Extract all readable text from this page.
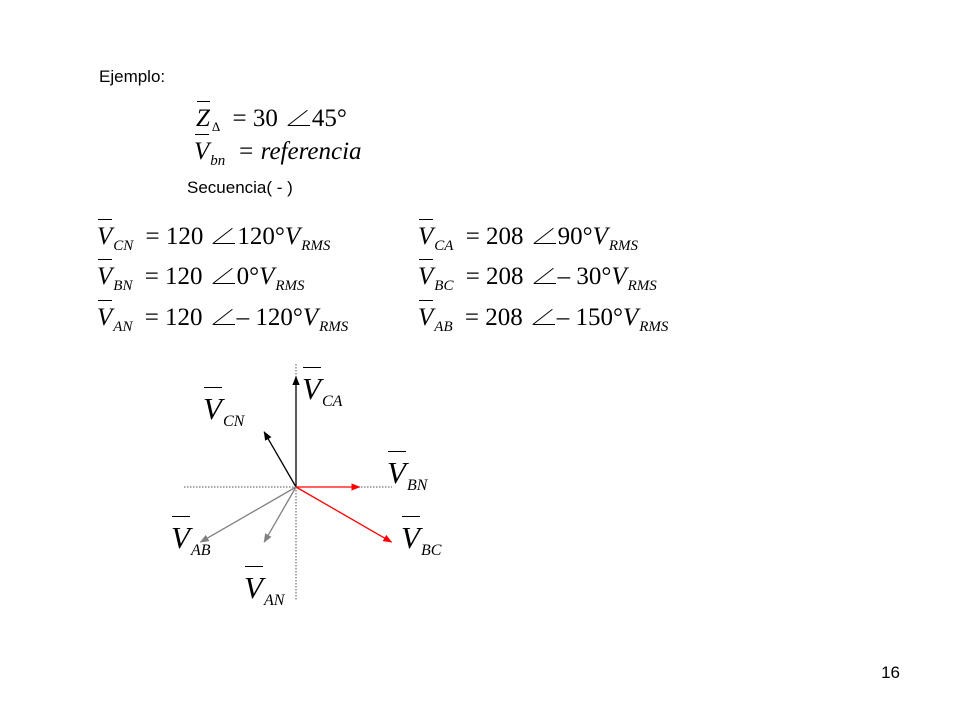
Ejemplo:
Z $_\Delta$ = 30 45°
$V_{bn}$ = referencia
Secuencia( - )
$V_{CN} = 120$ $120^\circ V_{RMS}$
$V_{BN} = 120$ $0^\circ V_{RMS}$
$V_{AN} = 120 - 120^\circ V_{RMS}$
$V_{CA} = 208$ $90^\circ V_{RMS}$
$V_{BC} = 208 - 30^\circ V_{RMS}$
$V_{AB} = 208 - 150^\circ V_{RMS}$
$V_{CN}$
$V_{CA}$
$V_{BN}$
$V_{BC}$
$V_{AB}$
$V_{AN}$
16
